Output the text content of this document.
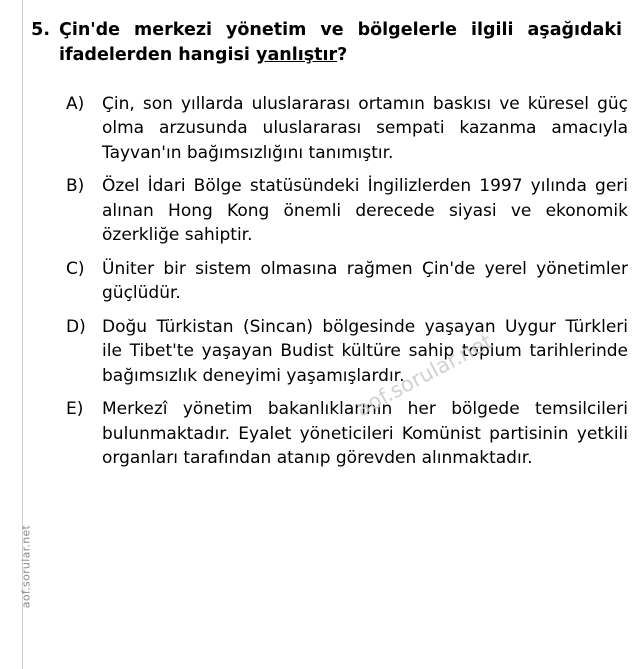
aof.sorular.net
5. Çin'de merkezi yönetim ve bölgelerle ilgili aşağıdaki ifadelerden hangisi yanlıştır?
A)	Çin, son yıllarda uluslararası ortamın baskısı ve küresel güç olma arzusunda uluslararası sempati kazanma amacıyla Tayvan'ın bağımsızlığını tanımıştır.
B)	Özel İdari Bölge statüsündeki İngilizlerden 1997 yılında geri alınan Hong Kong önemli derecede siyasi ve ekonomik özerkliğe sahiptir.
C)	Üniter bir sistem olmasına rağmen Çin'de yerel yönetimler güçlüdür.
D) Doğu Türkistan (Sincan) bölgesinde yaşayan Uygur Türkleri ile Tibet'te yaşayan Budist kültüre sahip toplum tarihlerinde bağımsızlık deneyimi yaşamışlardır.
E)	Merkezî yönetim bakanlıklarının her bölgede temsilcileri bulunmaktadır. Eyalet yöneticileri Komünist partisinin yetkili organları tarafından atanıp görevden alınmaktadır.
aof.sorular.net
